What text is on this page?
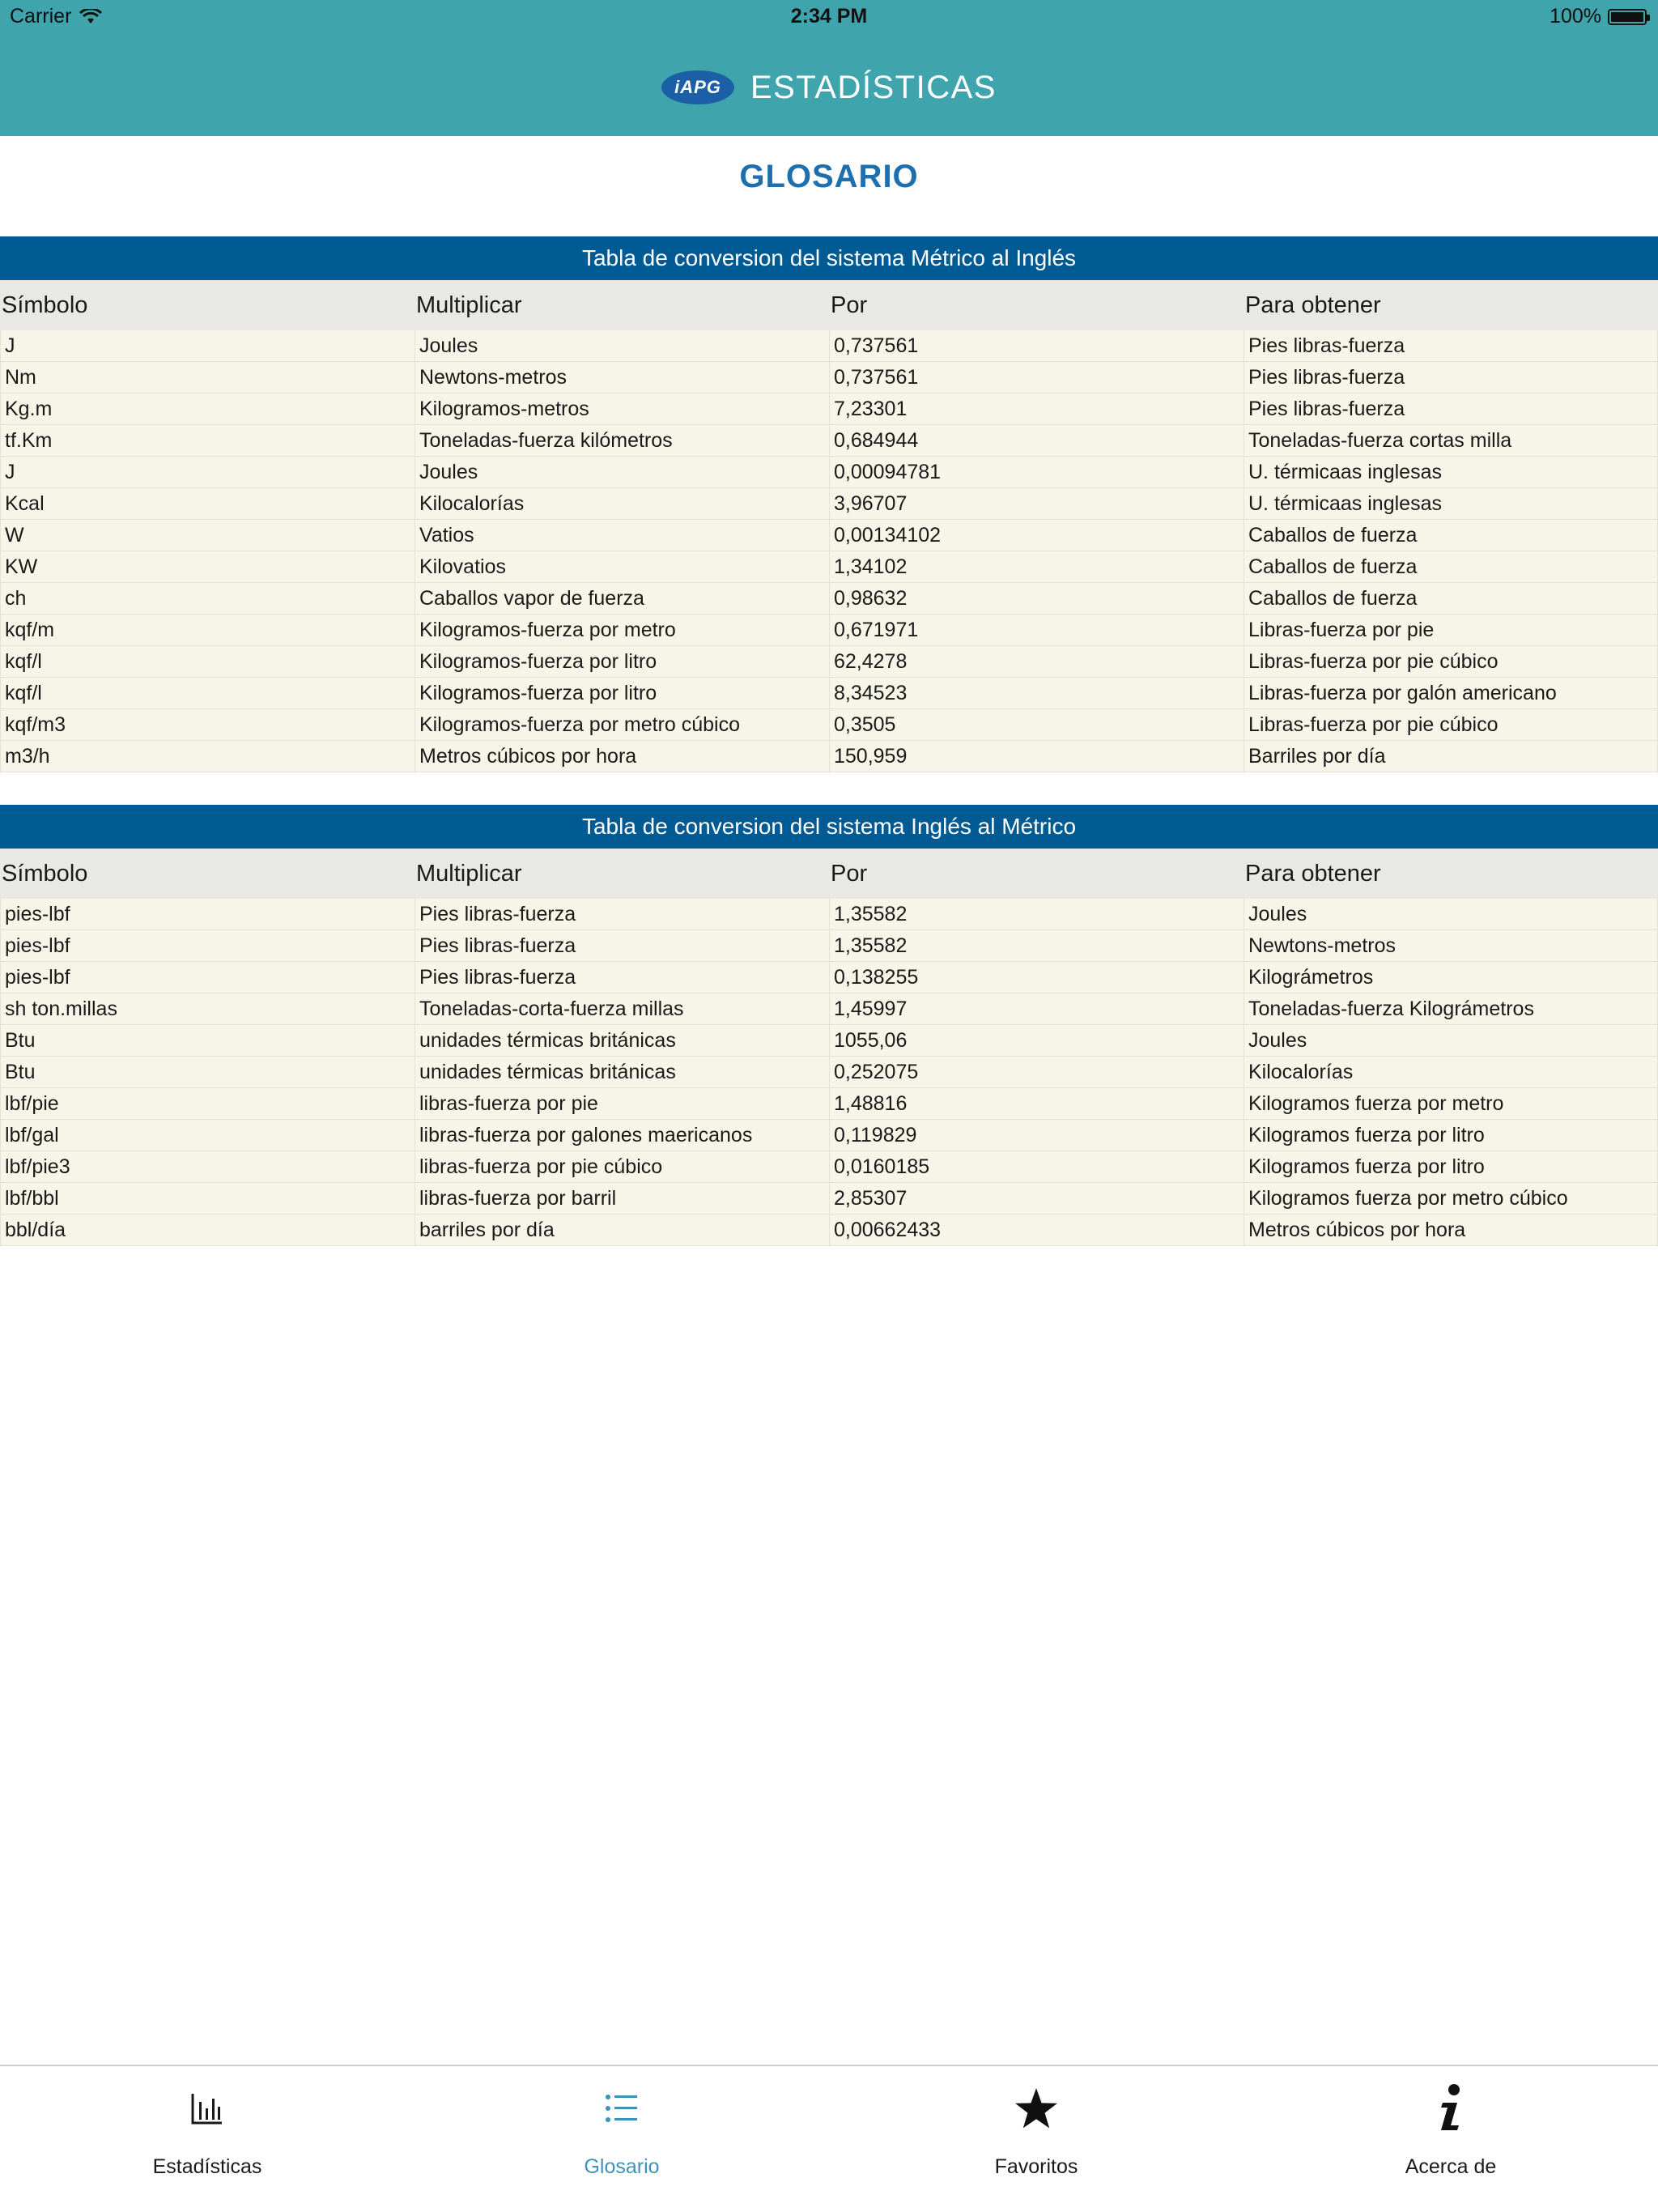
Carrier	2:34 PM	100%
iAPG ESTADÍSTICAS
GLOSARIO
Tabla de conversion del sistema Métrico al Inglés
Símbolo	Multiplicar	Por	Para obtener
J	Joules	0,737561	Pies libras-fuerza
Nm	Newtons-metros	0,737561	Pies libras-fuerza
Kg.m	Kilogramos-metros	7,23301	Pies libras-fuerza
tf.Km	Toneladas-fuerza kilómetros	0,684944	Toneladas-fuerza cortas milla
J	Joules	0,00094781	U. térmicaas inglesas
Kcal	Kilocalorías	3,96707	U. térmicaas inglesas
W	Vatios	0,00134102	Caballos de fuerza
KW	Kilovatios	1,34102	Caballos de fuerza
ch	Caballos vapor de fuerza	0,98632	Caballos de fuerza
kqf/m	Kilogramos-fuerza por metro	0,671971	Libras-fuerza por pie
kqf/l	Kilogramos-fuerza por litro	62,4278	Libras-fuerza por pie cúbico
kqf/l	Kilogramos-fuerza por litro	8,34523	Libras-fuerza por galón americano
kqf/m3	Kilogramos-fuerza por metro cúbico	0,3505	Libras-fuerza por pie cúbico
m3/h	Metros cúbicos por hora	150,959	Barriles por día
Tabla de conversion del sistema Inglés al Métrico
Símbolo	Multiplicar	Por	Para obtener
pies-lbf	Pies libras-fuerza	1,35582	Joules
pies-lbf	Pies libras-fuerza	1,35582	Newtons-metros
pies-lbf	Pies libras-fuerza	0,138255	Kilográmetros
sh ton.millas	Toneladas-corta-fuerza millas	1,45997	Toneladas-fuerza Kilográmetros
Btu	unidades térmicas británicas	1055,06	Joules
Btu	unidades térmicas británicas	0,252075	Kilocalorías
lbf/pie	libras-fuerza por pie	1,48816	Kilogramos fuerza por metro
lbf/gal	libras-fuerza por galones maericanos	0,119829	Kilogramos fuerza por litro
lbf/pie3	libras-fuerza por pie cúbico	0,0160185	Kilogramos fuerza por litro
lbf/bbl	libras-fuerza por barril	2,85307	Kilogramos fuerza por metro cúbico
bbl/día	barriles por día	0,00662433	Metros cúbicos por hora
Estadísticas	Glosario	Favoritos	Acerca de
